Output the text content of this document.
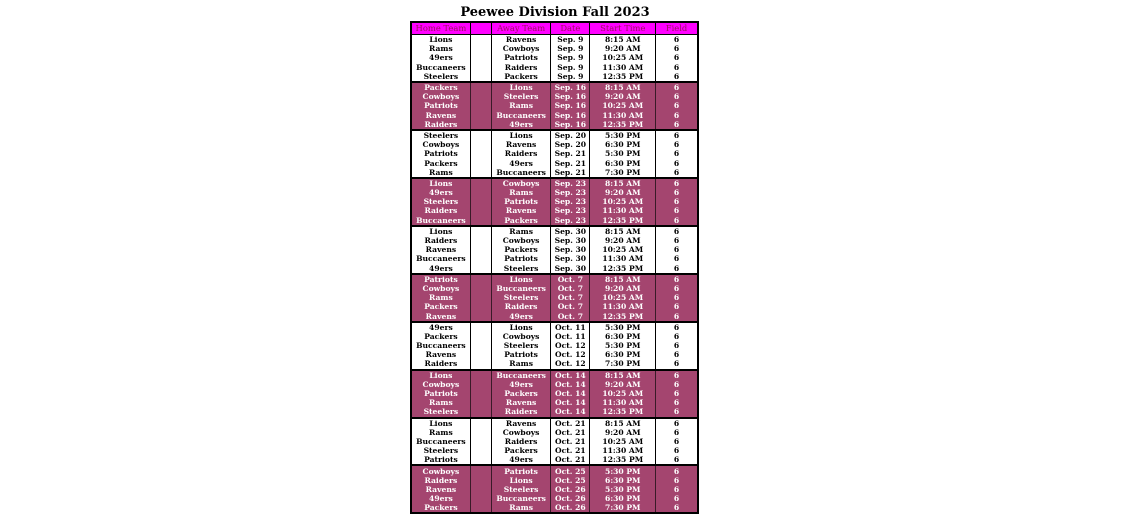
Peewee Division Fall 2023
Home Team		Away Team	Date	Start Time	Field
Lions		Ravens	Sep. 9	8:15 AM	6
Rams		Cowboys	Sep. 9	9:20 AM	6
49ers		Patriots	Sep. 9	10:25 AM	6
Buccaneers		Raiders	Sep. 9	11:30 AM	6
Steelers		Packers	Sep. 9	12:35 PM	6
Packers		Lions	Sep. 16	8:15 AM	6
Cowboys		Steelers	Sep. 16	9:20 AM	6
Patriots		Rams	Sep. 16	10:25 AM	6
Ravens		Buccaneers	Sep. 16	11:30 AM	6
Raiders		49ers	Sep. 16	12:35 PM	6
Steelers		Lions	Sep. 20	5:30 PM	6
Cowboys		Ravens	Sep. 20	6:30 PM	6
Patriots		Raiders	Sep. 21	5:30 PM	6
Packers		49ers	Sep. 21	6:30 PM	6
Rams		Buccaneers	Sep. 21	7:30 PM	6
Lions		Cowboys	Sep. 23	8:15 AM	6
49ers		Rams	Sep. 23	9:20 AM	6
Steelers		Patriots	Sep. 23	10:25 AM	6
Raiders		Ravens	Sep. 23	11:30 AM	6
Buccaneers		Packers	Sep. 23	12:35 PM	6
Lions		Rams	Sep. 30	8:15 AM	6
Raiders		Cowboys	Sep. 30	9:20 AM	6
Ravens		Packers	Sep. 30	10:25 AM	6
Buccaneers		Patriots	Sep. 30	11:30 AM	6
49ers		Steelers	Sep. 30	12:35 PM	6
Patriots		Lions	Oct. 7	8:15 AM	6
Cowboys		Buccaneers	Oct. 7	9:20 AM	6
Rams		Steelers	Oct. 7	10:25 AM	6
Packers		Raiders	Oct. 7	11:30 AM	6
Ravens		49ers	Oct. 7	12:35 PM	6
49ers		Lions	Oct. 11	5:30 PM	6
Packers		Cowboys	Oct. 11	6:30 PM	6
Buccaneers		Steelers	Oct. 12	5:30 PM	6
Ravens		Patriots	Oct. 12	6:30 PM	6
Raiders		Rams	Oct. 12	7:30 PM	6
Lions		Buccaneers	Oct. 14	8:15 AM	6
Cowboys		49ers	Oct. 14	9:20 AM	6
Patriots		Packers	Oct. 14	10:25 AM	6
Rams		Ravens	Oct. 14	11:30 AM	6
Steelers		Raiders	Oct. 14	12:35 PM	6
Lions		Ravens	Oct. 21	8:15 AM	6
Rams		Cowboys	Oct. 21	9:20 AM	6
Buccaneers		Raiders	Oct. 21	10:25 AM	6
Steelers		Packers	Oct. 21	11:30 AM	6
Patriots		49ers	Oct. 21	12:35 PM	6
Cowboys		Patriots	Oct. 25	5:30 PM	6
Raiders		Lions	Oct. 25	6:30 PM	6
Ravens		Steelers	Oct. 26	5:30 PM	6
49ers		Buccaneers	Oct. 26	6:30 PM	6
Packers		Rams	Oct. 26	7:30 PM	6
